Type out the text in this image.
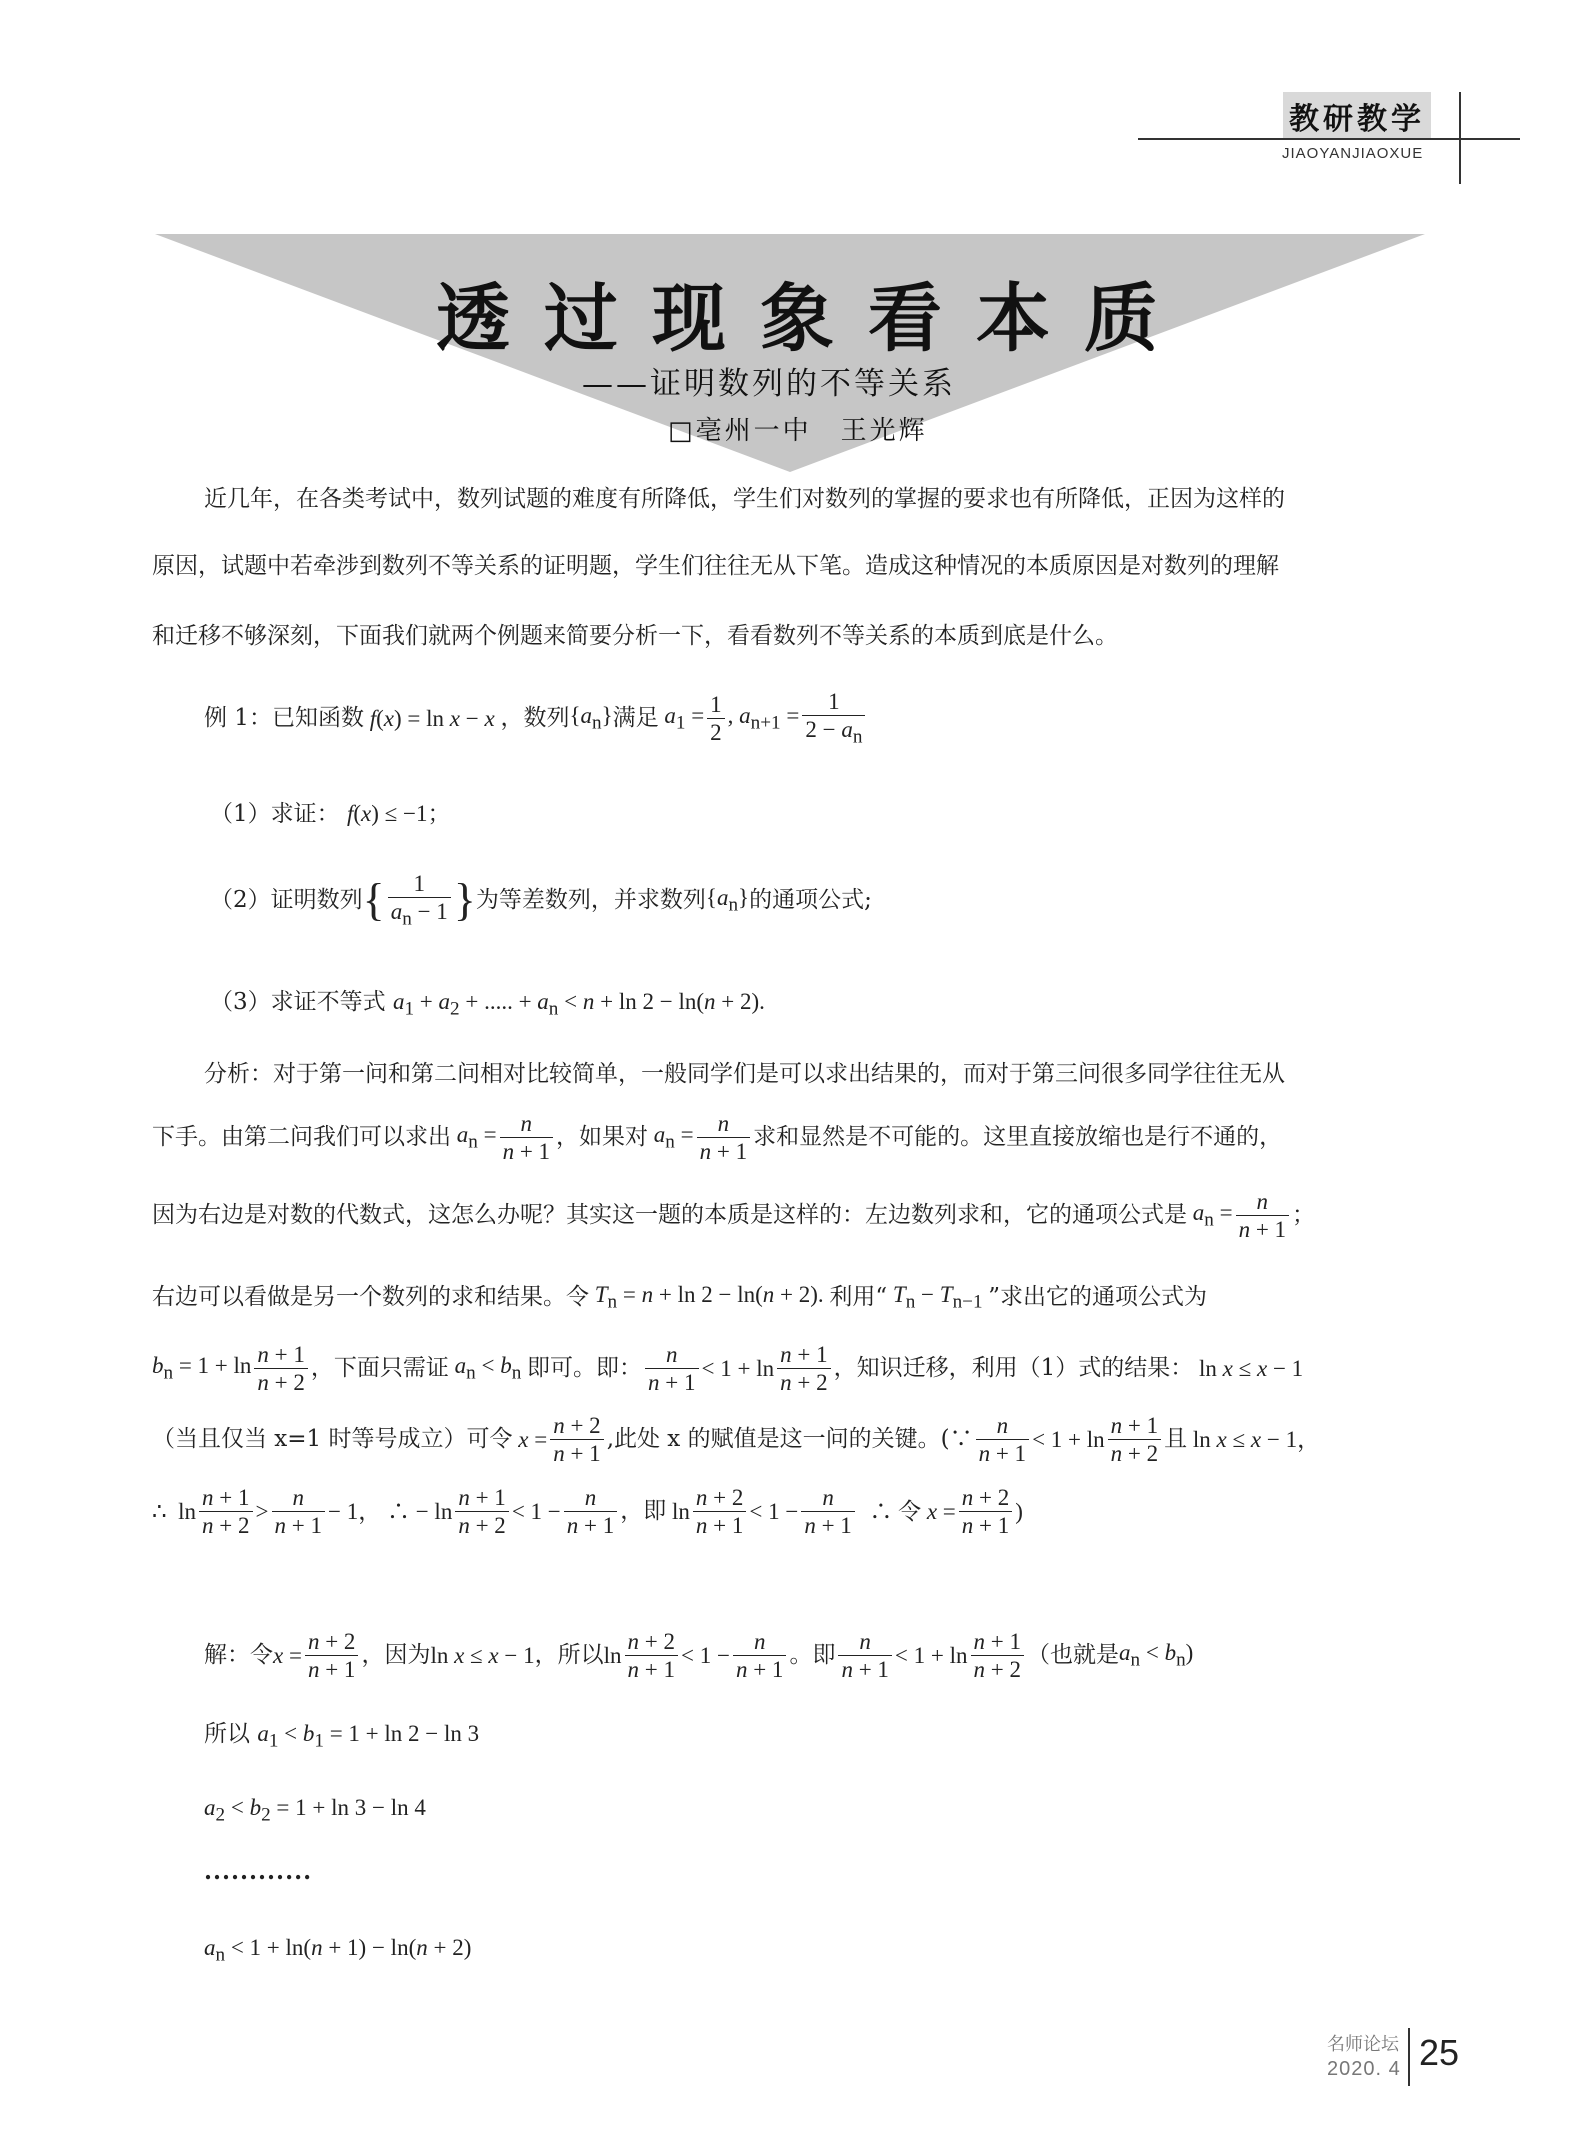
教研教学
JIAOYANJIAOXUE
透过现象看本质
——证明数列的不等关系
□亳州一中　王光辉
近几年，在各类考试中，数列试题的难度有所降低，学生们对数列的掌握的要求也有所降低，正因为这样的
原因，试题中若牵涉到数列不等关系的证明题，学生们往往无从下笔。造成这种情况的本质原因是对数列的理解
和迁移不够深刻，下面我们就两个例题来简要分析一下，看看数列不等关系的本质到底是什么。
例 1：已知函数 f(x) = ln x − x ，数列 $\{a_n\}$ 满足 $a_1 = \frac{1}{2}$ , $a_{n+1} = \frac{1}{2 - a_n}$
（1）求证： f(x) ≤ −1；
（2）证明数列 { $\frac{1}{a_n - 1}$ } 为等差数列，并求数列 $\{a_n\}$ 的通项公式;
（3）求证不等式 $a_1 + a_2$ + ..... + $a_n < n + \ln 2 - \ln(n + 2)$.
分析：对于第一问和第二问相对比较简单，一般同学们是可以求出结果的，而对于第三问很多同学往往无从
下手。由第二问我们可以求出 $a_n = \frac{n}{n + 1}$ ，如果对 $a_n = \frac{n}{n + 1}$ 求和显然是不可能的。这里直接放缩也是行不通的，
因为右边是对数的代数式，这怎么办呢？其实这一题的本质是这样的：左边数列求和，它的通项公式是 $a_n = \frac{n}{n + 1}$ ；
右边可以看做是另一个数列的求和结果。令 $T_n = n + \ln 2 - \ln(n + 2)$. 利用“ $T_n - T_{n-1}$ ”求出它的通项公式为
$b_n = 1 + \ln \frac{n + 1}{n + 2}$ ，下面只需证 $a_n < b_n$ 即可。即： $\frac{n}{n + 1} < 1 + \ln \frac{n + 1}{n + 2}$ ，知识迁移，利用（1）式的结果： ln x ≤ x − 1
（当且仅当 x=1 时等号成立）可令 $x = \frac{n + 2}{n + 1}$ ,此处 x 的赋值是这一问的关键。(∵ $\frac{n}{n + 1} < 1 + \ln \frac{n + 1}{n + 2}$ 且 ln x ≤ x − 1，
∴  $\ln \frac{n + 1}{n + 2} > \frac{n}{n + 1} - 1$， ∴ − $\ln \frac{n + 1}{n + 2} < 1 - \frac{n}{n + 1}$ ，即 $\ln \frac{n + 2}{n + 1} < 1 - \frac{n}{n + 1}$ ∴ 令 $x = \frac{n + 2}{n + 1}$ )
解：令 $x = \frac{n + 2}{n + 1}$ ，因为 ln x ≤ x − 1 ，所以 $\ln \frac{n + 2}{n + 1} < 1 - \frac{n}{n + 1}$ 。即 $\frac{n}{n + 1} < 1 + \ln \frac{n + 1}{n + 2}$ （也就是 $a_n < b_n$)
所以 $a_1 < b_1 = 1 + \ln 2 - \ln 3$
$a_2 < b_2 = 1 + \ln 3 - \ln 4$
............
$a_n < 1 + \ln(n + 1) - \ln(n + 2)$
名师论坛
2020. 4 25
